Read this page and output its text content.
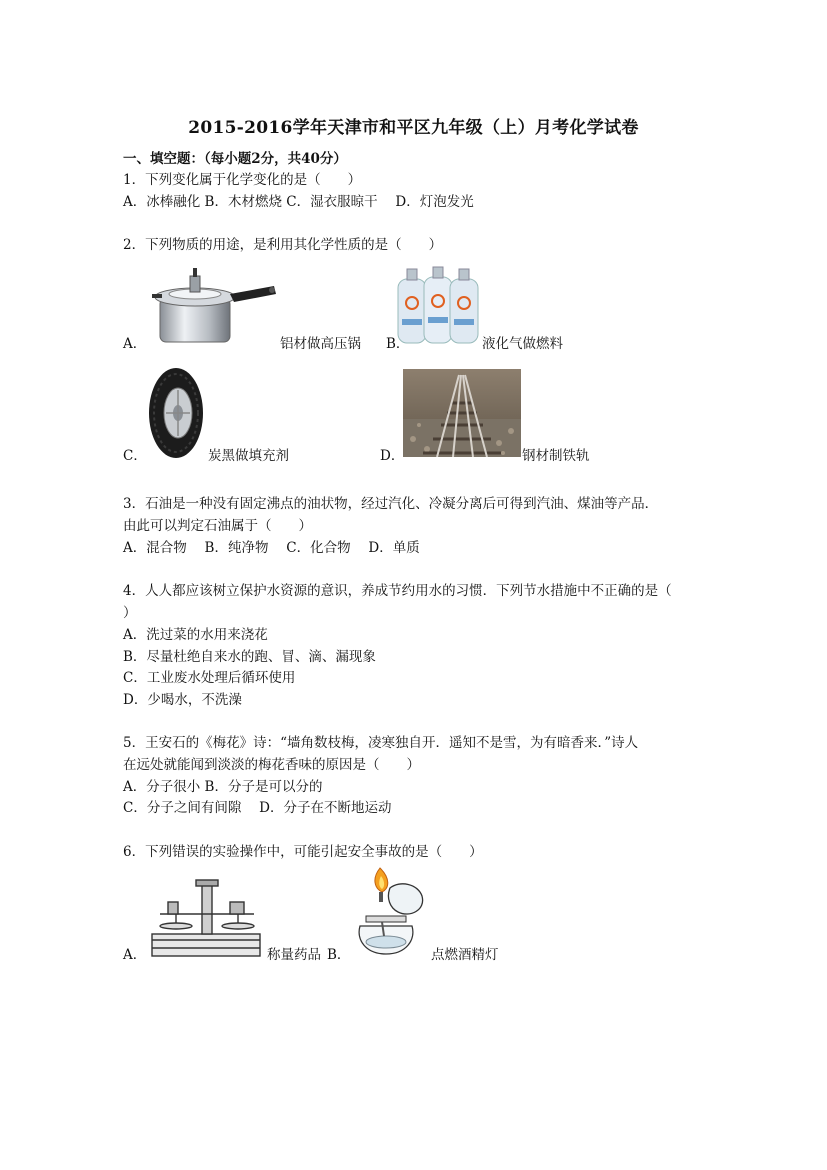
2015-2016学年天津市和平区九年级（上）月考化学试卷
一、填空题：（每小题2分，共40分）
1．下列变化属于化学变化的是（　　）
A．冰棒融化 B．木材燃烧 C．湿衣服晾干　 D．灯泡发光
2．下列物质的用途，是利用其化学性质的是（　　）
A．	铝材做高压锅 B．	液化气做燃料
C．	炭黑做填充剂	D．	钢材制铁轨
3．石油是一种没有固定沸点的油状物，经过汽化、冷凝分离后可得到汽油、煤油等产品．
由此可以判定石油属于（　　）
A．混合物　 B．纯净物　 C．化合物　 D．单质
4．人人都应该树立保护水资源的意识，养成节约用水的习惯．下列节水措施中不正确的是（
）
A．洗过菜的水用来浇花
B．尽量杜绝自来水的跑、冒、滴、漏现象
C．工业废水处理后循环使用
D．少喝水，不洗澡
5．王安石的《梅花》诗：“墙角数枝梅，凌寒独自开．遥知不是雪，为有暗香来．”诗人
在远处就能闻到淡淡的梅花香味的原因是（　　）
A．分子很小 B．分子是可以分的
C．分子之间有间隙　 D．分子在不断地运动
6．下列错误的实验操作中，可能引起安全事故的是（　　）
A．	称量药品 B．	点燃酒精灯
